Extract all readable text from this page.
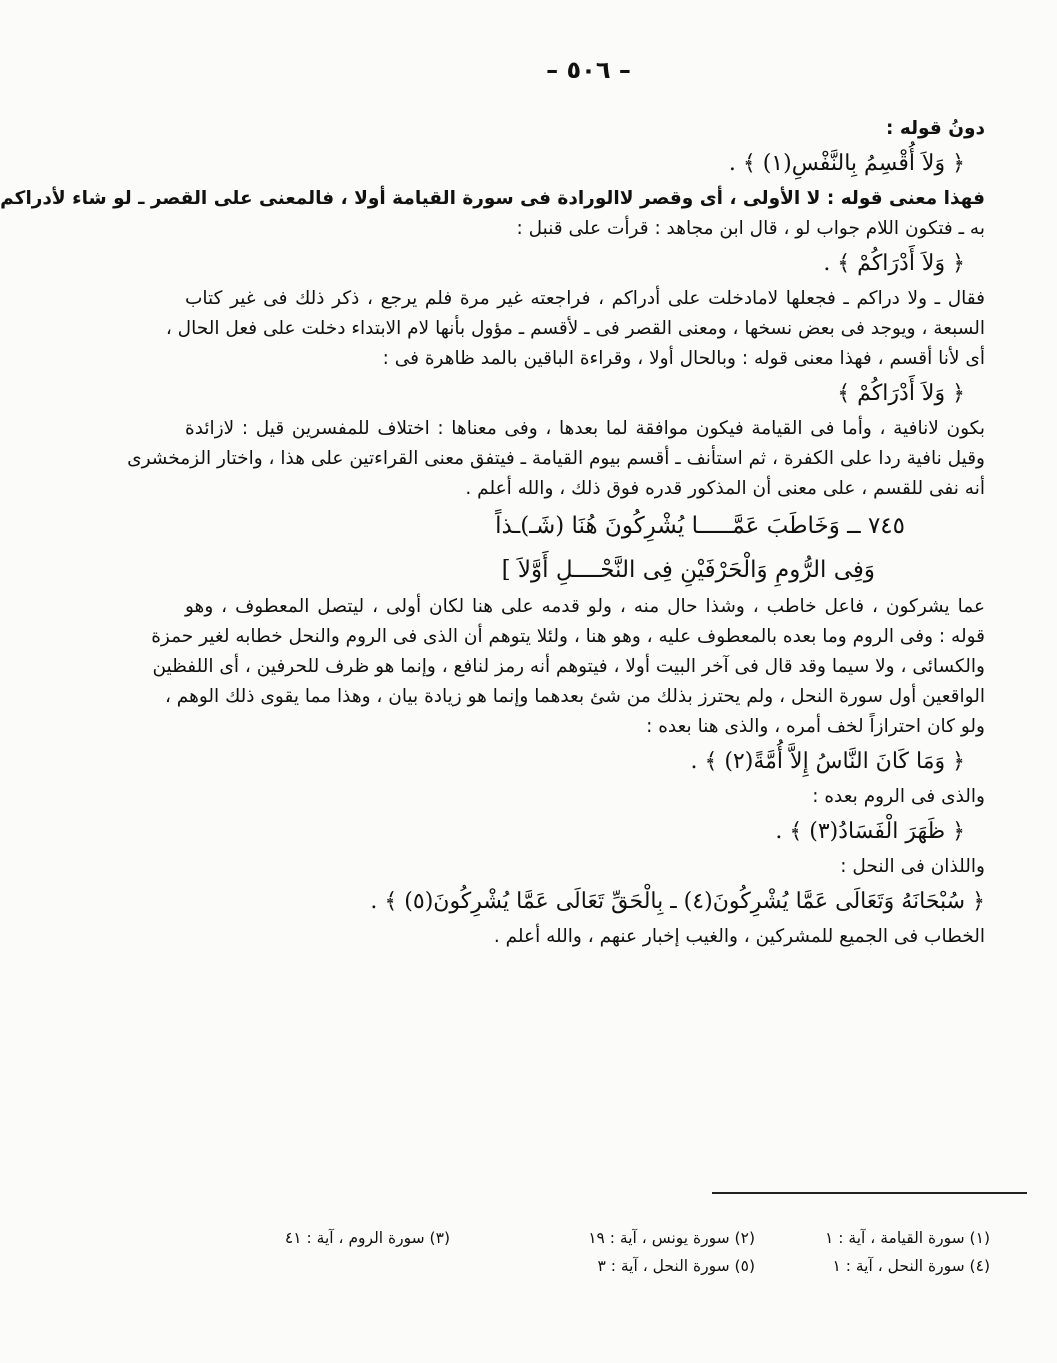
– ٥٠٦ –
دونُ قوله :
﴿ وَلاَ أُقْسِمُ بِالنَّفْسِ(١) ﴾ .
فهذا معنى قوله : لا الأولى ، أى وقصر لاالورادة فى سورة القيامة أولا ، فالمعنى على القصر ـ لو شاء لأدراكم
به ـ فتكون اللام جواب لو ، قال ابن مجاهد : قرأت على قنبل :
﴿ وَلاَ أَدْرَاكُمْ ﴾ .
فقال ـ ولا دراكم ـ فجعلها لامادخلت على أدراكم ، فراجعته غير مرة فلم يرجع ، ذكر ذلك فى غير كتاب
السبعة ، ويوجد فى بعض نسخها ، ومعنى القصر فى ـ لأقسم ـ مؤول بأنها لام الابتداء دخلت على فعل الحال ،
أى لأنا أقسم ، فهذا معنى قوله : وبالحال أولا ، وقراءة الباقين بالمد ظاهرة فى :
﴿ وَلاَ أَدْرَاكُمْ ﴾
بكون لانافية ، وأما فى القيامة فيكون موافقة لما بعدها ، وفى معناها : اختلاف للمفسرين قيل : لازائدة
وقيل نافية ردا على الكفرة ، ثم استأنف ـ أقسم بيوم القيامة ـ فيتفق معنى القراءتين على هذا ، واختار الزمخشرى
أنه نفى للقسم ، على معنى أن المذكور قدره فوق ذلك ، والله أعلم .
٧٤٥ ــ وَخَاطَبَ عَمَّـــــا يُشْرِكُونَ هُنَا (شَـ)ـذاً
وَفِى الرُّومِ وَالْحَرْفَيْنِ فِى النَّحْــــلِ أَوَّلاَ ]
عما يشركون ، فاعل خاطب ، وشذا حال منه ، ولو قدمه على هنا لكان أولى ، ليتصل المعطوف ، وهو
قوله : وفى الروم وما بعده بالمعطوف عليه ، وهو هنا ، ولئلا يتوهم أن الذى فى الروم والنحل خطابه لغير حمزة
والكسائى ، ولا سيما وقد قال فى آخر البيت أولا ، فيتوهم أنه رمز لنافع ، وإنما هو ظرف للحرفين ، أى اللفظين
الواقعين أول سورة النحل ، ولم يحترز بذلك من شئ بعدهما وإنما هو زيادة بيان ، وهذا مما يقوى ذلك الوهم ،
ولو كان احترازاً لخف أمره ، والذى هنا بعده :
﴿ وَمَا كَانَ النَّاسُ إِلاَّ أُمَّةً(٢) ﴾ .
والذى فى الروم بعده :
﴿ ظَهَرَ الْفَسَادُ(٣) ﴾ .
واللذان فى النحل :
﴿ سُبْحَانَهُ وَتَعَالَى عَمَّا يُشْرِكُونَ(٤) ـ بِالْحَقِّ تَعَالَى عَمَّا يُشْرِكُونَ(٥) ﴾ .
الخطاب فى الجميع للمشركين ، والغيب إخبار عنهم ، والله أعلم .
(١) سورة القيامة ، آية : ١
(٢) سورة يونس ، آية : ١٩
(٣) سورة الروم ، آية : ٤١
(٤) سورة النحل ، آية : ١
(٥) سورة النحل ، آية : ٣
